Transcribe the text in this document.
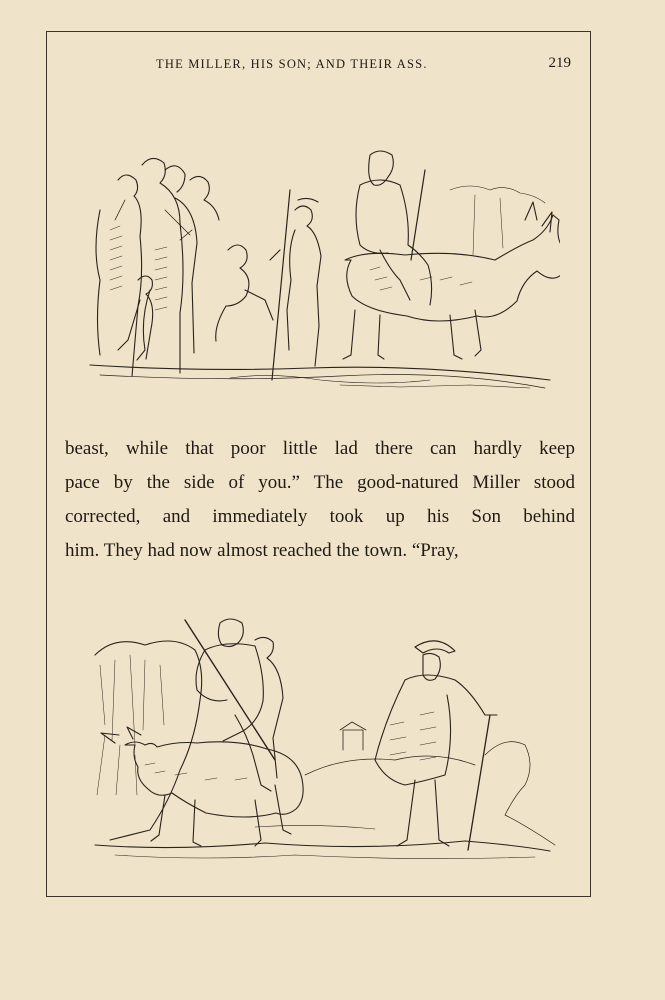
THE MILLER, HIS SON; AND THEIR ASS.	219
beast, while that poor little lad there can hardly keep
pace by the side of you.” The good-natured Miller stood
corrected, and immediately took up his Son behind
him. They had now almost reached the town. “Pray,
